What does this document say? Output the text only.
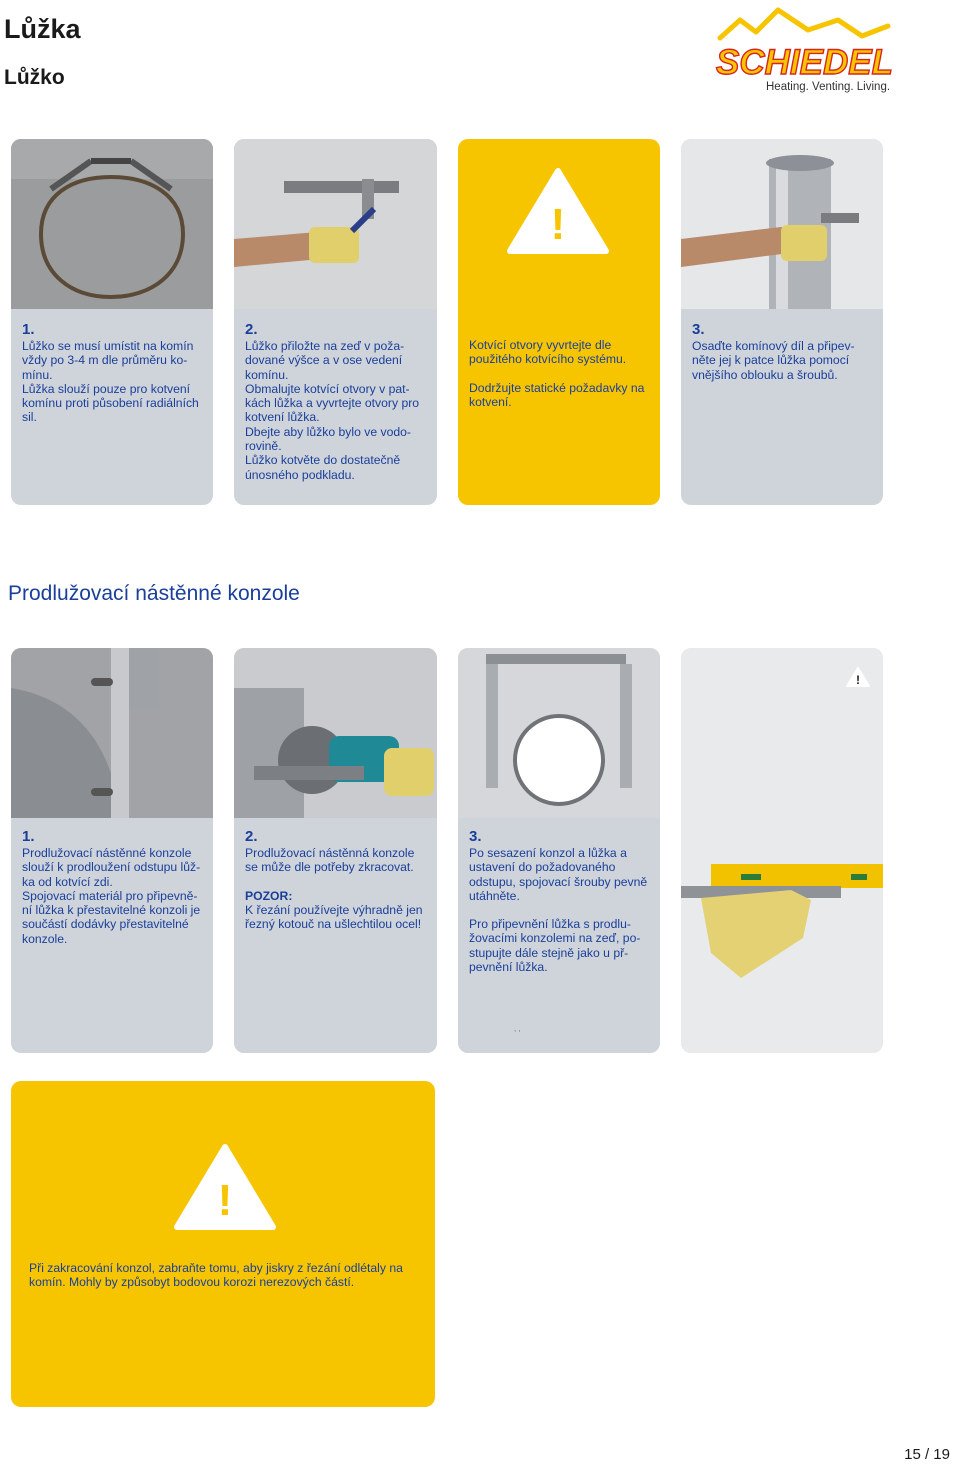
Lůžka
Lůžko	SCHIEDEL
Heating. Venting. Living.
1.

Lůžko se musí umístit na komín

vždy po 3-4 m dle průměru ko-

mínu.

Lůžka slouží pouze pro kotvení

komínu proti působení radiálních

sil.

2.

Lůžko přiložte na zeď v poža-

dované výšce a v ose vedení

komínu.

Obmalujte kotvící otvory v pat-

kách lůžka a vyvrtejte otvory pro

kotvení lůžka.

Dbejte aby lůžko bylo ve vodo-

rovině.

Lůžko kotvěte do dostatečně

únosného podkladu.

!

Kotvící otvory vyvrtejte dle

použitého kotvícího systému.

Dodržujte statické požadavky na

kotvení.

3.

Osaďte komínový díl a připev-

něte jej k patce lůžka pomocí

vnějšího oblouku a šroubů.

Prodlužovací nástěnné konzole
1.

Prodlužovací nástěnné konzole

slouží k prodloužení odstupu lůž-

ka od kotvící zdi.

Spojovací materiál pro připevně-

ní lůžka k přestavitelné konzoli je

součástí dodávky přestavitelné

konzole.

2.

Prodlužovací nástěnná konzole

se může dle potřeby zkracovat.

POZOR:

K řezání používejte výhradně jen

řezný kotouč na ušlechtilou ocel!

3.

Po sesazení konzol a lůžka a

ustavení do požadovaného

odstupu, spojovací šrouby pevně

utáhněte.

Pro připevnění lůžka s prodlu-

žovacími konzolemi na zeď, po-

stupujte dále stejně jako u př-

pevnění lůžka.

, ,
!
!

Při zakracování konzol, zabraňte tomu, aby jiskry z řezání odlétaly na

komín. Mohly by způsobyt bodovou korozi nerezových částí.

15 / 19
